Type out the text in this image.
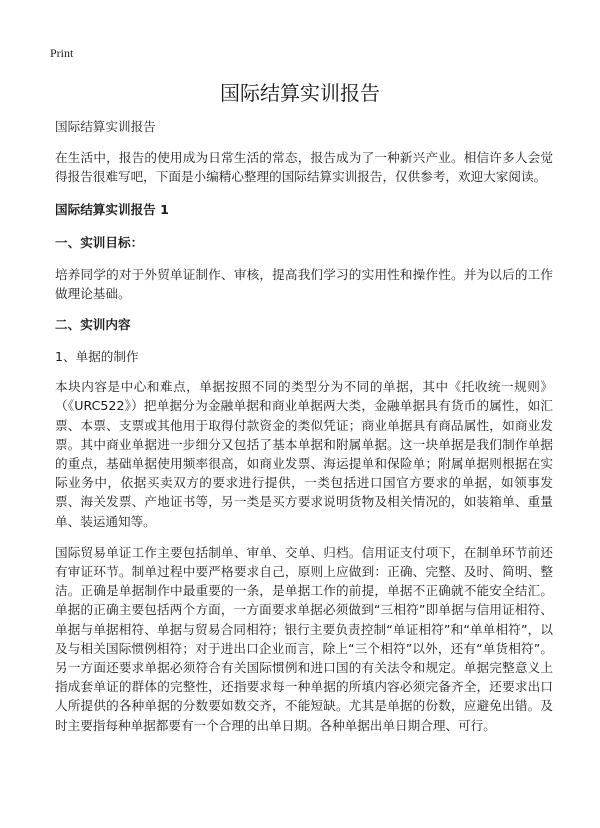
Print
国际结算实训报告

国际结算实训报告

在生活中，报告的使用成为日常生活的常态，报告成为了一种新兴产业。相信许多人会觉得报告很难写吧，下面是小编精心整理的国际结算实训报告，仅供参考，欢迎大家阅读。

国际结算实训报告 1

一、实训目标：

培养同学的对于外贸单证制作、审核，提高我们学习的实用性和操作性。并为以后的工作做理论基础。

二、实训内容

1、单据的制作

本块内容是中心和难点，单据按照不同的类型分为不同的单据，其中《托收统一规则》（《URC522》）把单据分为金融单据和商业单据两大类，金融单据具有货币的属性，如汇票、本票、支票或其他用于取得付款资金的类似凭证；商业单据具有商品属性，如商业发票。其中商业单据进一步细分又包括了基本单据和附属单据。这一块单据是我们制作单据的重点，基础单据使用频率很高，如商业发票、海运提单和保险单；附属单据则根据在实际业务中，依据买卖双方的要求进行提供，一类包括进口国官方要求的单据，如领事发票、海关发票、产地证书等，另一类是买方要求说明货物及相关情况的，如装箱单、重量单、装运通知等。

国际贸易单证工作主要包括制单、审单、交单、归档。信用证支付项下，在制单环节前还有审证环节。制单过程中要严格要求自己，原则上应做到：正确、完整、及时、简明、整洁。正确是单据制作中最重要的一条，是单据工作的前提，单据不正确就不能安全结汇。单据的正确主要包括两个方面，一方面要求单据必须做到“三相符”即单据与信用证相符、单据与单据相符、单据与贸易合同相符；银行主要负责控制“单证相符”和“单单相符”，以及与相关国际惯例相符；对于进出口企业而言，除上“三个相符”以外，还有“单货相符”。另一方面还要求单据必须符合有关国际惯例和进口国的有关法令和规定。单据完整意义上指成套单证的群体的完整性，还指要求每一种单据的所填内容必须完备齐全，还要求出口人所提供的各种单据的分数要如数交齐，不能短缺。尤其是单据的份数，应避免出错。及时主要指每种单据都要有一个合理的出单日期。各种单据出单日期合理、可行。
